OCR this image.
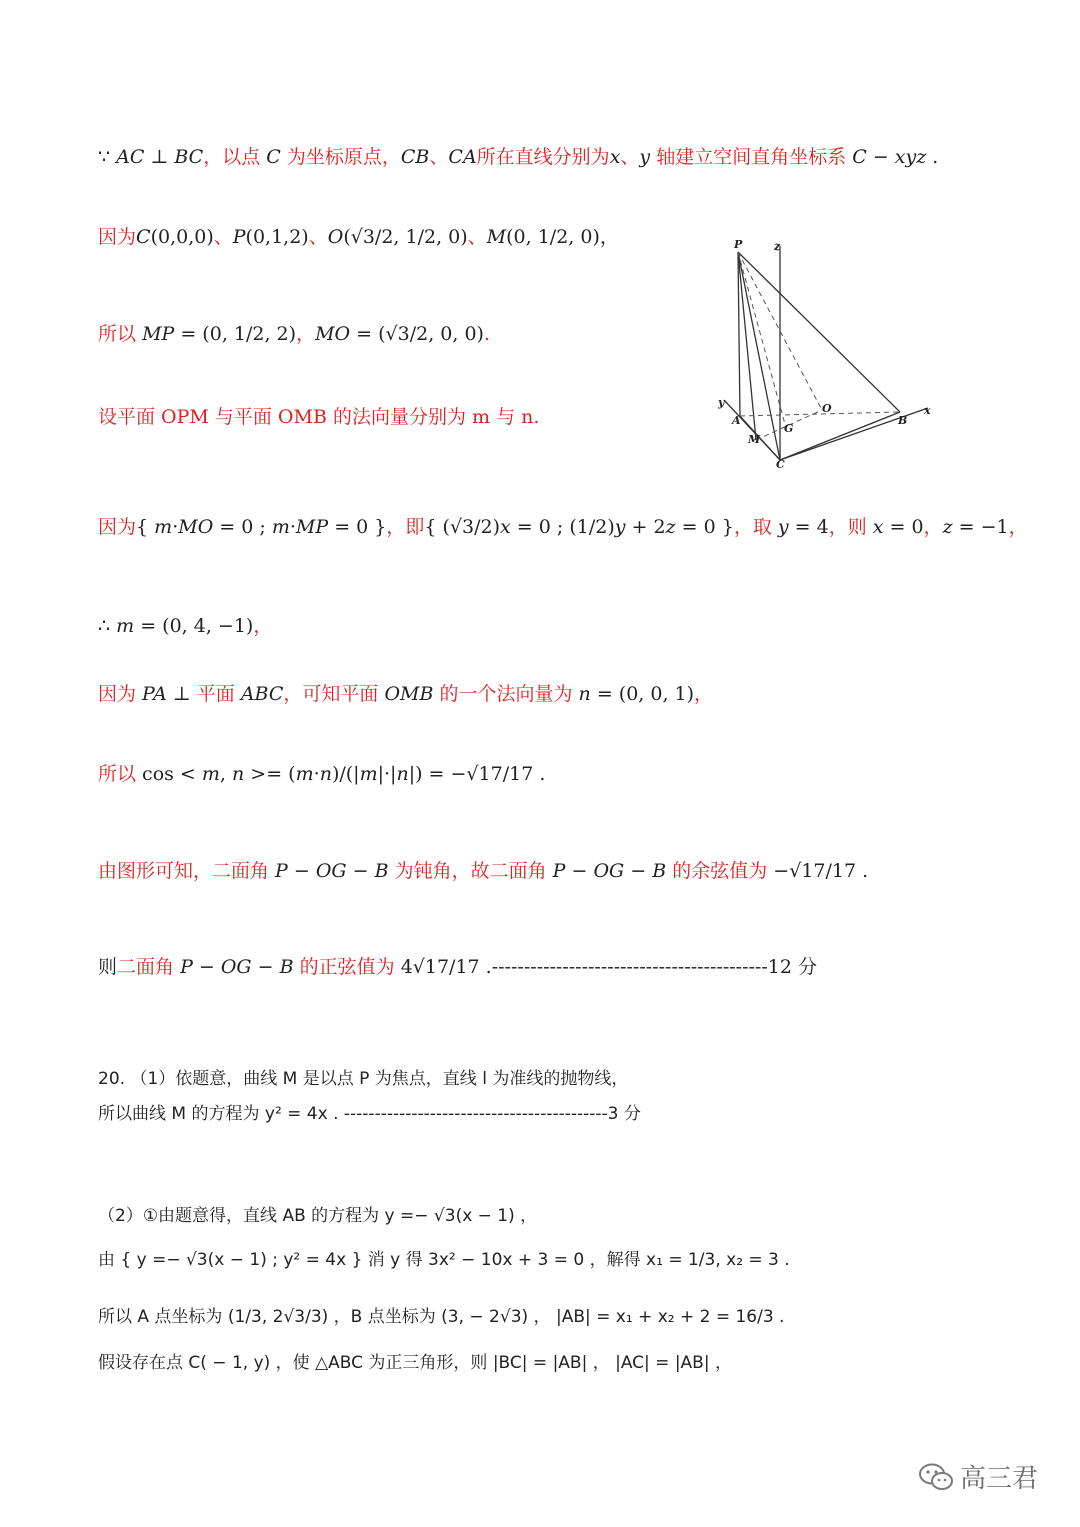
∵ AC ⊥ BC，以点 C 为坐标原点，CB、CA所在直线分别为x、y 轴建立空间直角坐标系 C − xyz .
因为C(0,0,0)、P(0,1,2)、O(√3/2, 1/2, 0)、M(0, 1/2, 0)，
所以 MP = (0, 1/2, 2)，MO = (√3/2, 0, 0).
设平面 OPM 与平面 OMB 的法向量分别为 m 与 n.
因为{ m·MO = 0 ; m·MP = 0 }，即{ (√3/2)x = 0 ; (1/2)y + 2z = 0 }，取 y = 4，则 x = 0，z = −1，
∴ m = (0, 4, −1)，
因为 PA ⊥ 平面 ABC，可知平面 OMB 的一个法向量为 n = (0, 0, 1)，
所以 cos < m, n >= (m·n)/(|m|·|n|) = −√17/17 .
由图形可知，二面角 P − OG − B 为钝角，故二面角 P − OG − B 的余弦值为 −√17/17 .
则二面角 P − OG − B 的正弦值为 4√17/17 .-------------------------------------------12 分
20. （1）依题意，曲线 M 是以点 P 为焦点，直线 l 为准线的抛物线，
所以曲线 M 的方程为 y² = 4x . -------------------------------------------3 分
（2）①由题意得，直线 AB 的方程为 y =− √3(x − 1) ，
由 { y =− √3(x − 1) ; y² = 4x } 消 y 得 3x² − 10x + 3 = 0 ，解得 x₁ = 1/3, x₂ = 3 .
所以 A 点坐标为 (1/3, 2√3/3) ，B 点坐标为 (3, − 2√3) ， |AB| = x₁ + x₂ + 2 = 16/3 .
假设存在点 C( − 1, y) ，使 △ABC 为正三角形，则 |BC| = |AB| ， |AC| = |AB| ，
P	z
y
A
G
O
B
x
M
C
高三君
